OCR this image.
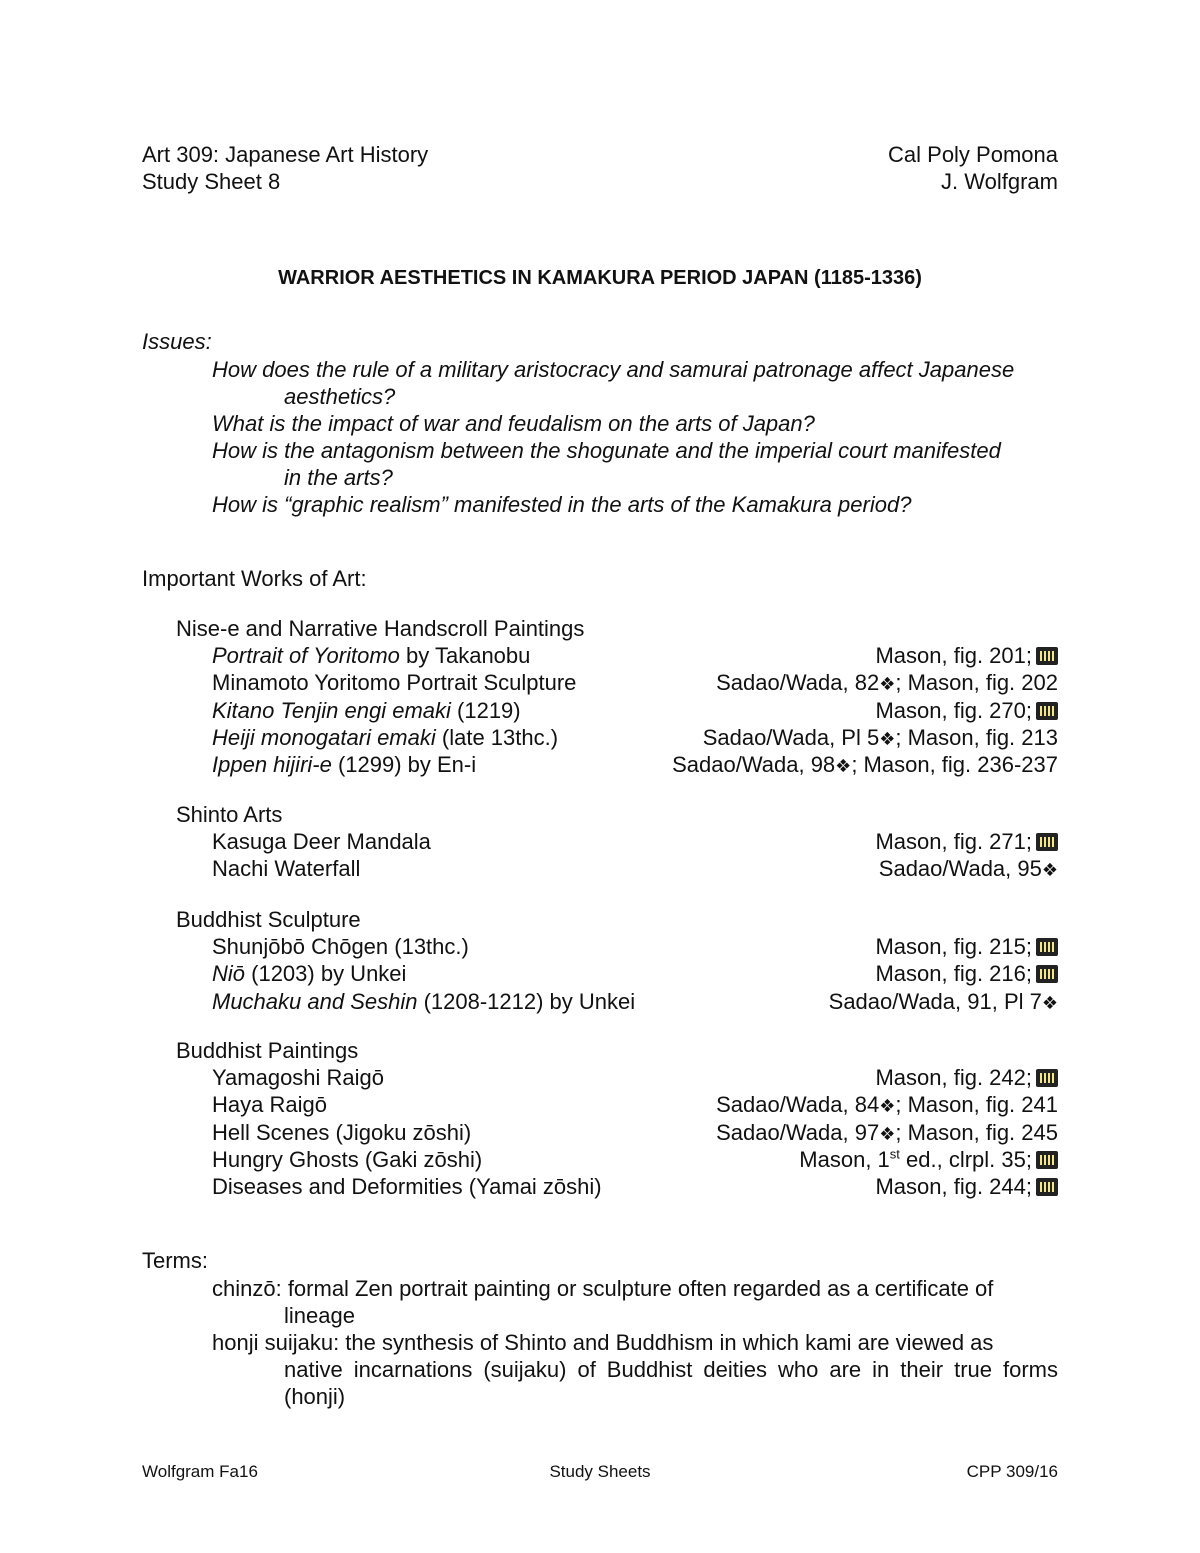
Art 309: Japanese Art History	Cal Poly Pomona
Study Sheet 8	J. Wolfgram
WARRIOR AESTHETICS IN KAMAKURA PERIOD JAPAN (1185-1336)
Issues:
How does the rule of a military aristocracy and samurai patronage affect Japanese
aesthetics?
What is the impact of war and feudalism on the arts of Japan?
How is the antagonism between the shogunate and the imperial court manifested
in the arts?
How is “graphic realism” manifested in the arts of the Kamakura period?
Important Works of Art:
Nise-e and Narrative Handscroll Paintings
Portrait of Yoritomo by Takanobu	Mason, fig. 201;
Minamoto Yoritomo Portrait Sculpture	Sadao/Wada, 82❖; Mason, fig. 202
Kitano Tenjin engi emaki (1219)	Mason, fig. 270;
Heiji monogatari emaki (late 13thc.)	Sadao/Wada, Pl 5❖; Mason, fig. 213
Ippen hijiri-e (1299) by En-i	Sadao/Wada, 98❖; Mason, fig. 236-237
Shinto Arts
Kasuga Deer Mandala	Mason, fig. 271;
Nachi Waterfall	Sadao/Wada, 95❖
Buddhist Sculpture
Shunjōbō Chōgen (13thc.)	Mason, fig. 215;
Niō (1203) by Unkei	Mason, fig. 216;
Muchaku and Seshin (1208-1212) by Unkei	Sadao/Wada, 91, Pl 7❖
Buddhist Paintings
Yamagoshi Raigō	Mason, fig. 242;
Haya Raigō	Sadao/Wada, 84❖; Mason, fig. 241
Hell Scenes (Jigoku zōshi)	Sadao/Wada, 97❖; Mason, fig. 245
Hungry Ghosts (Gaki zōshi)	Mason, 1st ed., clrpl. 35;
Diseases and Deformities (Yamai zōshi)	Mason, fig. 244;
Terms:
chinzō: formal Zen portrait painting or sculpture often regarded as a certificate of
lineage
honji suijaku: the synthesis of Shinto and Buddhism in which kami are viewed as
native incarnations (suijaku) of Buddhist deities who are in their true forms (honji)
Wolfgram Fa16	Study Sheets	CPP 309/16
